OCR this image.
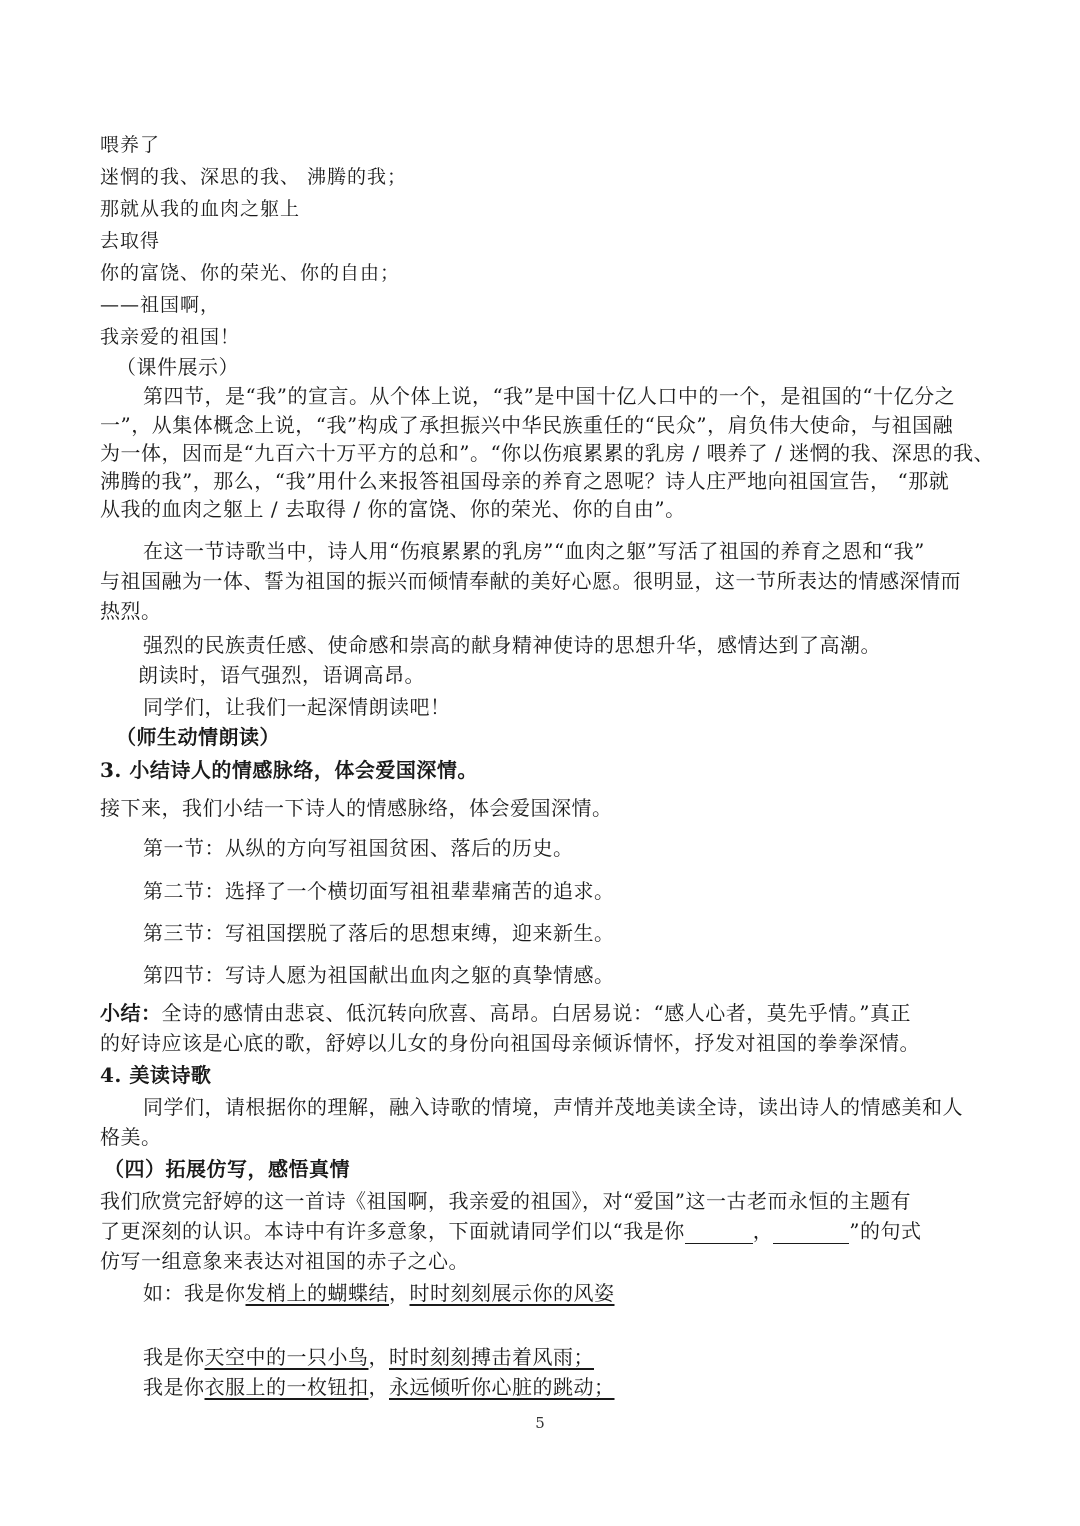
喂养了
迷惘的我、深思的我、 沸腾的我；
那就从我的血肉之躯上
去取得
你的富饶、你的荣光、你的自由；
——祖国啊，
我亲爱的祖国！
（课件展示）
第四节，是“我”的宣言。从个体上说，“我”是中国十亿人口中的一个，是祖国的“十亿分之
一”，从集体概念上说，“我”构成了承担振兴中华民族重任的“民众”，肩负伟大使命，与祖国融
为一体，因而是“九百六十万平方的总和”。“你以伤痕累累的乳房 / 喂养了 / 迷惘的我、深思的我、
沸腾的我”，那么，“我”用什么来报答祖国母亲的养育之恩呢？诗人庄严地向祖国宣告， “那就
从我的血肉之躯上 / 去取得 / 你的富饶、你的荣光、你的自由”。
在这一节诗歌当中，诗人用“伤痕累累的乳房”“血肉之躯”写活了祖国的养育之恩和“我”
与祖国融为一体、誓为祖国的振兴而倾情奉献的美好心愿。很明显，这一节所表达的情感深情而
热烈。
强烈的民族责任感、使命感和崇高的献身精神使诗的思想升华，感情达到了高潮。
朗读时，语气强烈，语调高昂。
同学们，让我们一起深情朗读吧！
（师生动情朗读）
3. 小结诗人的情感脉络，体会爱国深情。
接下来，我们小结一下诗人的情感脉络，体会爱国深情。
第一节：从纵的方向写祖国贫困、落后的历史。
第二节：选择了一个横切面写祖祖辈辈痛苦的追求。
第三节：写祖国摆脱了落后的思想束缚，迎来新生。
第四节：写诗人愿为祖国献出血肉之躯的真挚情感。
小结：全诗的感情由悲哀、低沉转向欣喜、高昂。白居易说：“感人心者，莫先乎情。”真正
的好诗应该是心底的歌，舒婷以儿女的身份向祖国母亲倾诉情怀，抒发对祖国的拳拳深情。
4. 美读诗歌
同学们，请根据你的理解，融入诗歌的情境，声情并茂地美读全诗，读出诗人的情感美和人
格美。
（四）拓展仿写，感悟真情
我们欣赏完舒婷的这一首诗《祖国啊，我亲爱的祖国》，对“爱国”这一古老而永恒的主题有
了更深刻的认识。本诗中有许多意象，下面就请同学们以“我是你	，	”的句式
仿写一组意象来表达对祖国的赤子之心。
如：我是你发梢上的蝴蝶结，时时刻刻展示你的风姿
我是你天空中的一只小鸟，时时刻刻搏击着风雨；
我是你衣服上的一枚钮扣，永远倾听你心脏的跳动；
5
